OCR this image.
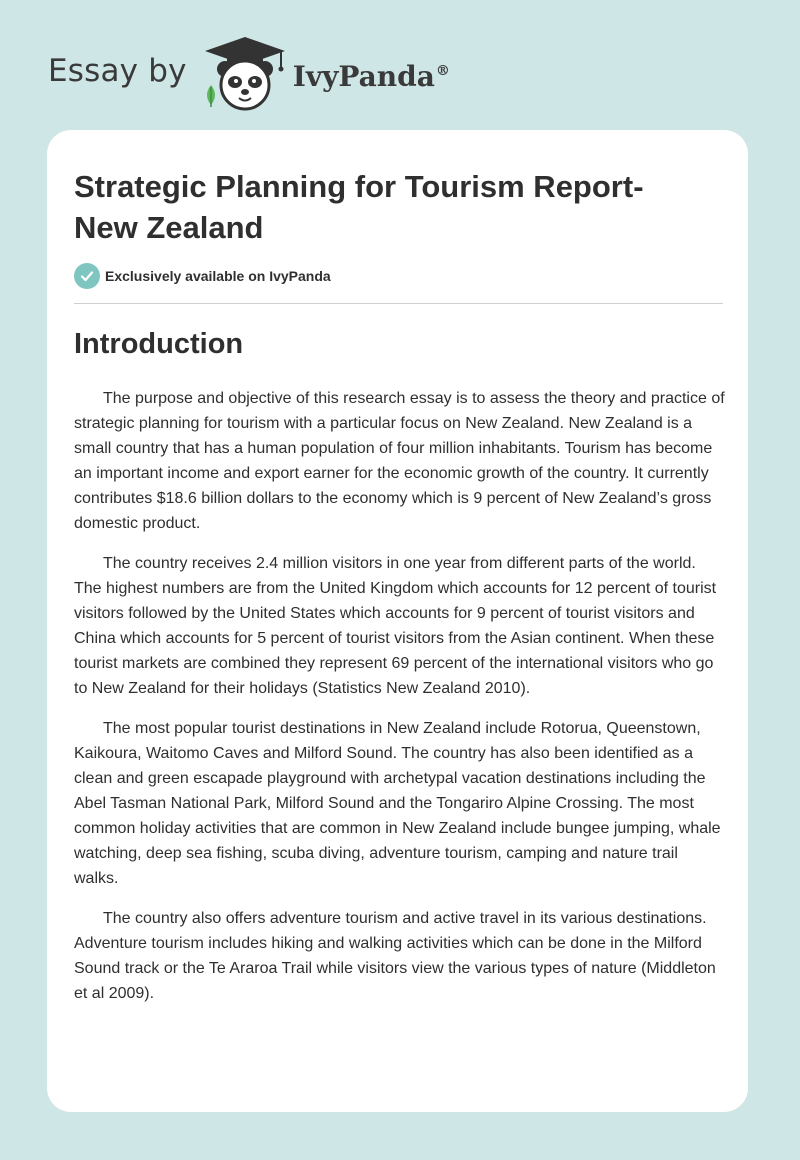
Essay by	IvyPanda®
Strategic Planning for Tourism Report- New Zealand
Exclusively available on IvyPanda
Introduction

The purpose and objective of this research essay is to assess the theory and practice of strategic planning for tourism with a particular focus on New Zealand. New Zealand is a small country that has a human population of four million inhabitants. Tourism has become an important income and export earner for the economic growth of the country. It currently contributes $18.6 billion dollars to the economy which is 9 percent of New Zealand’s gross domestic product.

The country receives 2.4 million visitors in one year from different parts of the world. The highest numbers are from the United Kingdom which accounts for 12 percent of tourist visitors followed by the United States which accounts for 9 percent of tourist visitors and China which accounts for 5 percent of tourist visitors from the Asian continent. When these tourist markets are combined they represent 69 percent of the international visitors who go to New Zealand for their holidays (Statistics New Zealand 2010).

The most popular tourist destinations in New Zealand include Rotorua, Queenstown, Kaikoura, Waitomo Caves and Milford Sound. The country has also been identified as a clean and green escapade playground with archetypal vacation destinations including the Abel Tasman National Park, Milford Sound and the Tongariro Alpine Crossing. The most common holiday activities that are common in New Zealand include bungee jumping, whale watching, deep sea fishing, scuba diving, adventure tourism, camping and nature trail walks.

The country also offers adventure tourism and active travel in its various destinations. Adventure tourism includes hiking and walking activities which can be done in the Milford Sound track or the Te Araroa Trail while visitors view the various types of nature (Middleton et al 2009).
